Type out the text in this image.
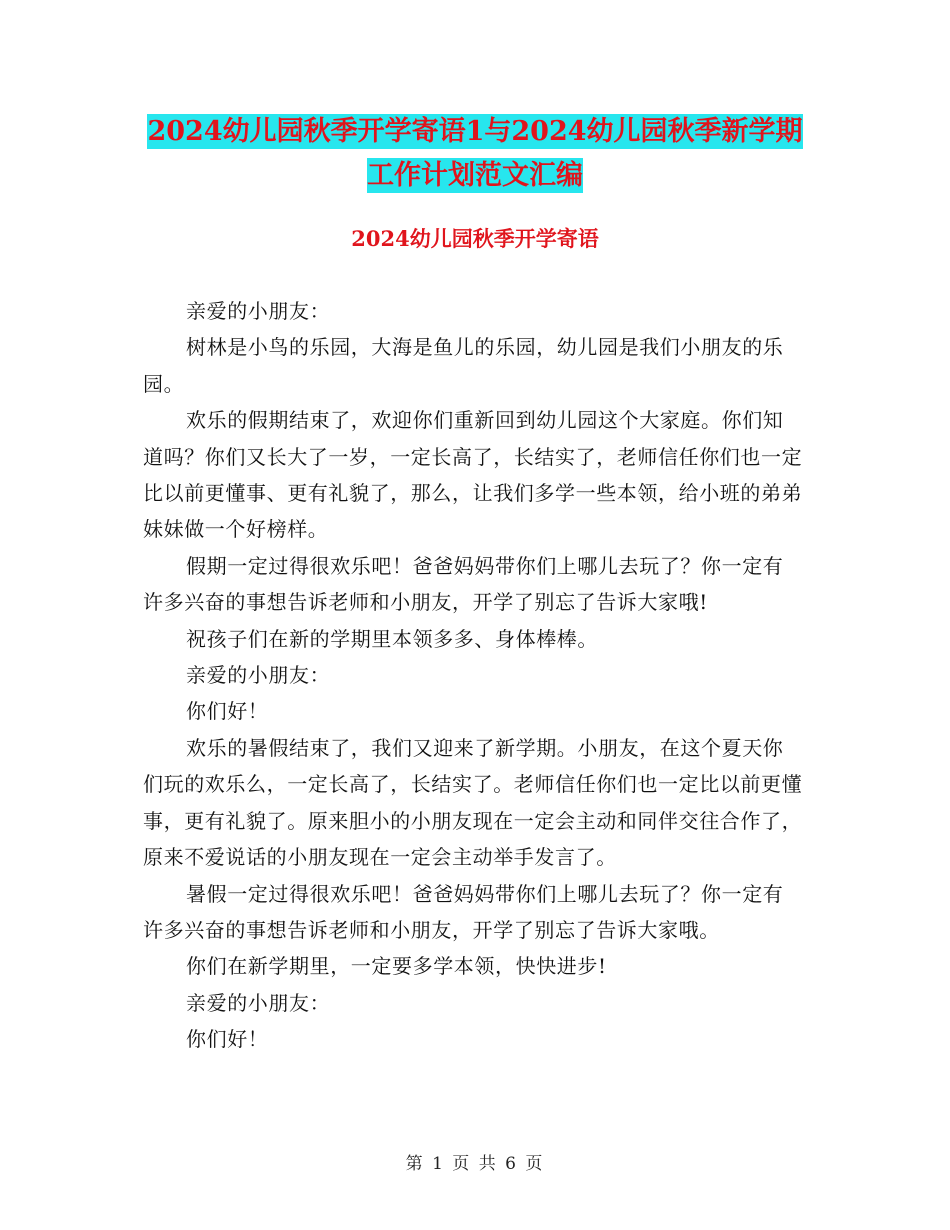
2024幼儿园秋季开学寄语1与2024幼儿园秋季新学期
工作计划范文汇编
2024幼儿园秋季开学寄语

亲爱的小朋友：

树林是小鸟的乐园，大海是鱼儿的乐园，幼儿园是我们小朋友的乐园。

欢乐的假期结束了，欢迎你们重新回到幼儿园这个大家庭。你们知道吗？你们又长大了一岁，一定长高了，长结实了，老师信任你们也一定比以前更懂事、更有礼貌了，那么，让我们多学一些本领，给小班的弟弟妹妹做一个好榜样。

假期一定过得很欢乐吧！爸爸妈妈带你们上哪儿去玩了？你一定有许多兴奋的事想告诉老师和小朋友，开学了别忘了告诉大家哦!

祝孩子们在新的学期里本领多多、身体棒棒。

亲爱的小朋友：

你们好！

欢乐的暑假结束了，我们又迎来了新学期。小朋友，在这个夏天你们玩的欢乐么，一定长高了，长结实了。老师信任你们也一定比以前更懂事，更有礼貌了。原来胆小的小朋友现在一定会主动和同伴交往合作了，原来不爱说话的小朋友现在一定会主动举手发言了。

暑假一定过得很欢乐吧！爸爸妈妈带你们上哪儿去玩了？你一定有许多兴奋的事想告诉老师和小朋友，开学了别忘了告诉大家哦。

你们在新学期里，一定要多学本领，快快进步!

亲爱的小朋友：

你们好！

第 1 页 共 6 页
